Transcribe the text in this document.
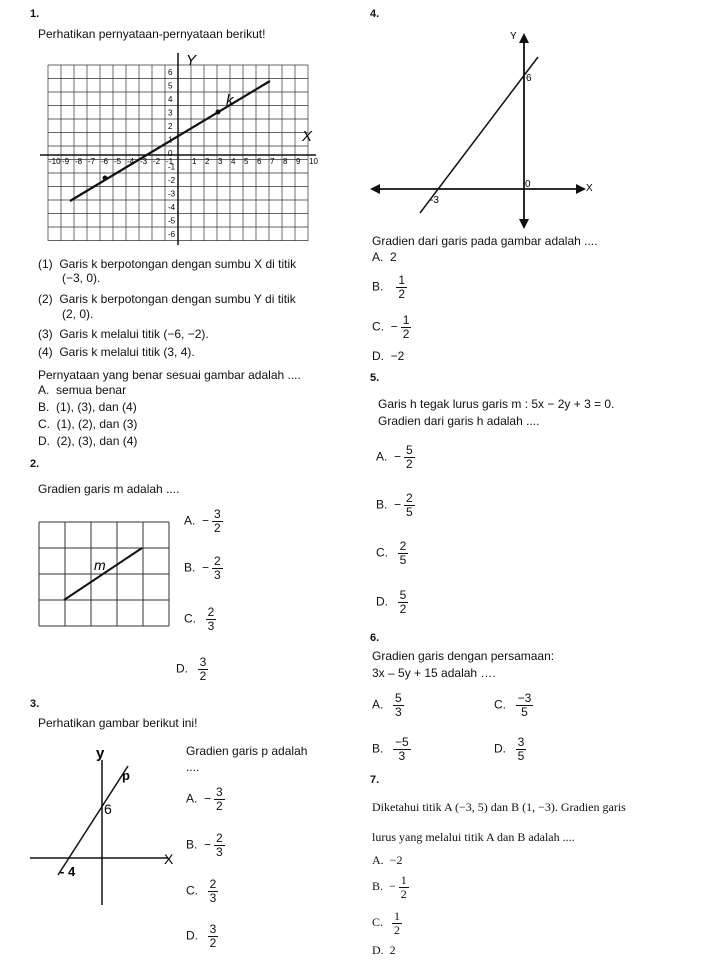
1.
Perhatikan pernyataan-pernyataan berikut!
Y
X
k
-10 -9 -8 -7 -6 -5 -4 -3 -2 -1 1 2 3 4 5 6 7 8 9 10
6
5
4
3
2
1
0
-1
-2
-3
-4
-5
-6
(1) Garis k berpotongan dengan sumbu X di titik
(−3, 0).
(2) Garis k berpotongan dengan sumbu Y di titik
(2, 0).
(3) Garis k melalui titik (−6, −2).
(4) Garis k melalui titik (3, 4).
Pernyataan yang benar sesuai gambar adalah ....
A. semua benar
B. (1), (3), dan (4)
C. (1), (2), dan (3)
D. (2), (3), dan (4)
2.
Gradien garis m adalah ....
m
A. − $\frac{3}{2}$
B. − $\frac{2}{3}$
C. $\frac{2}{3}$
D. $\frac{3}{2}$
3.
Perhatikan gambar berikut ini!
y
p
6
X
- 4
Gradien garis p adalah
....
A. − $\frac{3}{2}$
B. − $\frac{2}{3}$
C. $\frac{2}{3}$
D. $\frac{3}{2}$
4.
Y
X
6
0
-3
Gradien dari garis pada gambar adalah ....
A. 2
B. $\frac{1}{2}$
C. − $\frac{1}{2}$
D. −2
5.
Garis h tegak lurus garis m : 5x − 2y + 3 = 0.
Gradien dari garis h adalah ....
A. − $\frac{5}{2}$
B. − $\frac{2}{5}$
C. $\frac{2}{5}$
D. $\frac{5}{2}$
6.
Gradien garis dengan persamaan:
3x – 5y + 15 adalah ….
A. $\frac{5}{3}$	C. $\frac{-3}{5}$
B. $\frac{-5}{3}$	D. $\frac{3}{5}$
7.
Diketahui titik A (−3, 5) dan B (1, −3). Gradien garis
lurus yang melalui titik A dan B adalah ....
A. −2
B. − $\frac{1}{2}$
C. $\frac{1}{2}$
D. 2
